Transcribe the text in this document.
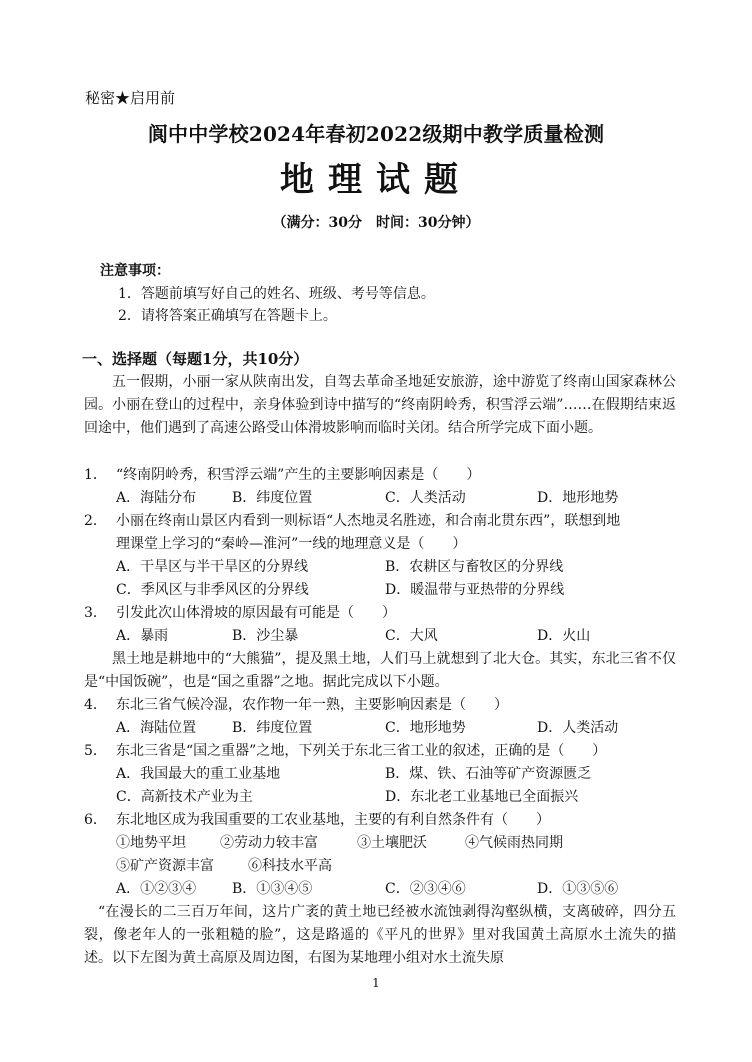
秘密★启用前
阆中中学校2024年春初2022级期中教学质量检测
地理试题
（满分：30分　时间：30分钟）
注意事项：
1．答题前填写好自己的姓名、班级、考号等信息。
2．请将答案正确填写在答题卡上。
一、选择题（每题1分，共10分）
五一假期，小丽一家从陕南出发，自驾去革命圣地延安旅游，途中游览了终南山国家森林公园。小丽在登山的过程中，亲身体验到诗中描写的“终南阴岭秀，积雪浮云端”……在假期结束返回途中，他们遇到了高速公路受山体滑坡影响而临时关闭。结合所学完成下面小题。
1． “终南阴岭秀，积雪浮云端”产生的主要影响因素是（　　）
A．海陆分布	B．纬度位置	C．人类活动	D．地形地势
2． 小丽在终南山景区内看到一则标语“人杰地灵名胜迹，和合南北贯东西”，联想到地
理课堂上学习的“秦岭—淮河”一线的地理意义是（　　）
A．干旱区与半干旱区的分界线	B．农耕区与畜牧区的分界线
C．季风区与非季风区的分界线	D．暖温带与亚热带的分界线
3． 引发此次山体滑坡的原因最有可能是（　　）
A．暴雨	B．沙尘暴	C．大风	D．火山
黑土地是耕地中的“大熊猫”，提及黑土地，人们马上就想到了北大仓。其实，东北三省不仅是“中国饭碗”，也是“国之重器”之地。据此完成以下小题。
4． 东北三省气候冷湿，农作物一年一熟，主要影响因素是（　　）
A．海陆位置	B．纬度位置	C．地形地势	D．人类活动
5． 东北三省是“国之重器”之地，下列关于东北三省工业的叙述，正确的是（　　）
A．我国最大的重工业基地	B．煤、铁、石油等矿产资源匮乏
C．高新技术产业为主	D．东北老工业基地已全面振兴
6． 东北地区成为我国重要的工农业基地，主要的有利自然条件有（　　）
①地势平坦 ②劳动力较丰富	③土壤肥沃	④气候雨热同期
⑤矿产资源丰富 ⑥科技水平高
A．①②③④	B．①③④⑤	C．②③④⑥	D．①③⑤⑥
“在漫长的二三百万年间，这片广袤的黄土地已经被水流蚀剥得沟壑纵横，支离破碎，四分五裂，像老年人的一张粗糙的脸”，这是路遥的《平凡的世界》里对我国黄土高原水土流失的描述。以下左图为黄土高原及周边图，右图为某地理小组对水土流失原
1
